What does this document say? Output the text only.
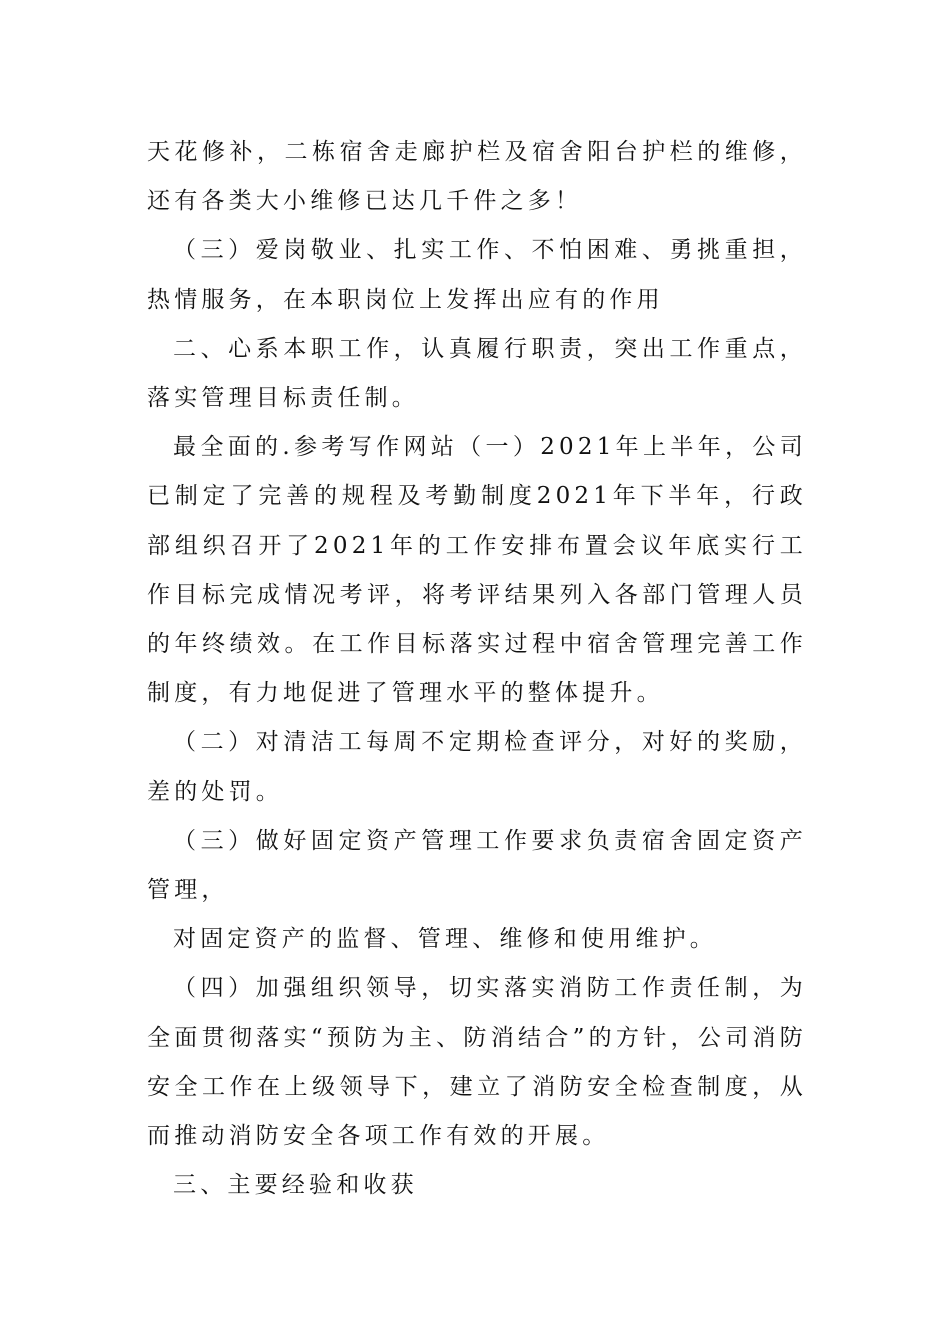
天花修补，二栋宿舍走廊护栏及宿舍阳台护栏的维修，还有各类大小维修已达几千件之多！

（三）爱岗敬业、扎实工作、不怕困难、勇挑重担，热情服务，在本职岗位上发挥出应有的作用

二、心系本职工作，认真履行职责，突出工作重点，落实管理目标责任制。

最全面的.参考写作网站（一）2021年上半年，公司已制定了完善的规程及考勤制度2021年下半年，行政部组织召开了2021年的工作安排布置会议年底实行工作目标完成情况考评，将考评结果列入各部门管理人员的年终绩效。在工作目标落实过程中宿舍管理完善工作制度，有力地促进了管理水平的整体提升。

（二）对清洁工每周不定期检查评分，对好的奖励，差的处罚。

（三）做好固定资产管理工作要求负责宿舍固定资产管理，

对固定资产的监督、管理、维修和使用维护。

（四）加强组织领导，切实落实消防工作责任制，为全面贯彻落实“预防为主、防消结合”的方针，公司消防安全工作在上级领导下，建立了消防安全检查制度，从而推动消防安全各项工作有效的开展。

三、主要经验和收获
